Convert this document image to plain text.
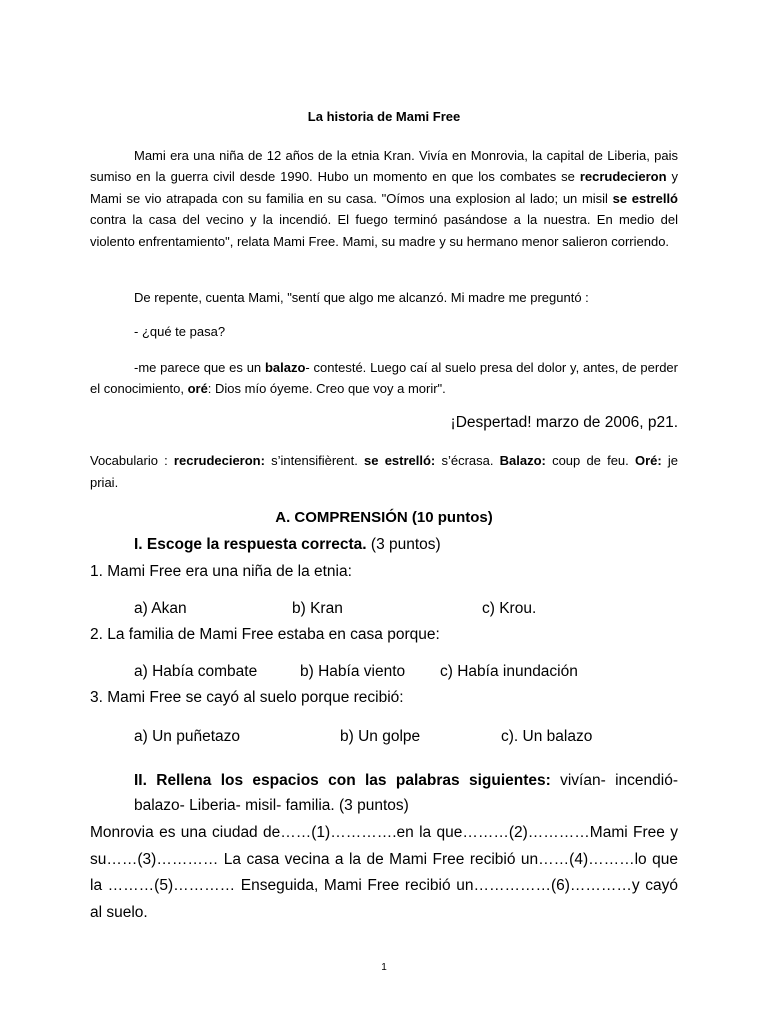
La historia de Mami Free
Mami era una niña de 12 años de la etnia Kran. Vivía en Monrovia, la capital de Liberia, pais sumiso en la guerra civil desde 1990. Hubo un momento en que los combates se recrudecieron y Mami se vio atrapada con su familia en su casa. "Oímos una explosion al lado; un misil se estrelló contra la casa del vecino y la incendió. El fuego terminó pasándose a la nuestra. En medio del violento enfrentamiento", relata Mami Free. Mami, su madre y su hermano menor salieron corriendo.
De repente, cuenta Mami, "sentí que algo me alcanzó. Mi madre me preguntó :
- ¿qué te pasa?
-me parece que es un balazo- contesté. Luego caí al suelo presa del dolor y, antes, de perder el conocimiento, oré: Dios mío óyeme. Creo que voy a morir".
¡Despertad! marzo de 2006, p21.
Vocabulario : recrudecieron: s’intensifièrent. se estrelló: s’écrasa. Balazo: coup de feu. Oré: je priai.
A. COMPRENSIÓN (10 puntos)
I. Escoge la respuesta correcta. (3 puntos)
1. Mami Free era una niña de la etnia:
a) Akan	b) Kran	c) Krou.
2. La familia de Mami Free estaba en casa porque:
a) Había combate	b) Había viento c) Había inundación
3. Mami Free se cayó al suelo porque recibió:
a) Un puñetazo	b) Un golpe	c). Un balazo
II. Rellena los espacios con las palabras siguientes: vivían- incendió- balazo- Liberia- misil- familia. (3 puntos)
Monrovia es una ciudad de……(1)………….en la que………(2)…………Mami Free y su……(3)………… La casa vecina a la de Mami Free recibió un……(4)………lo que la ………(5)………… Enseguida, Mami Free recibió un……………(6)…………y cayó al suelo.
1
